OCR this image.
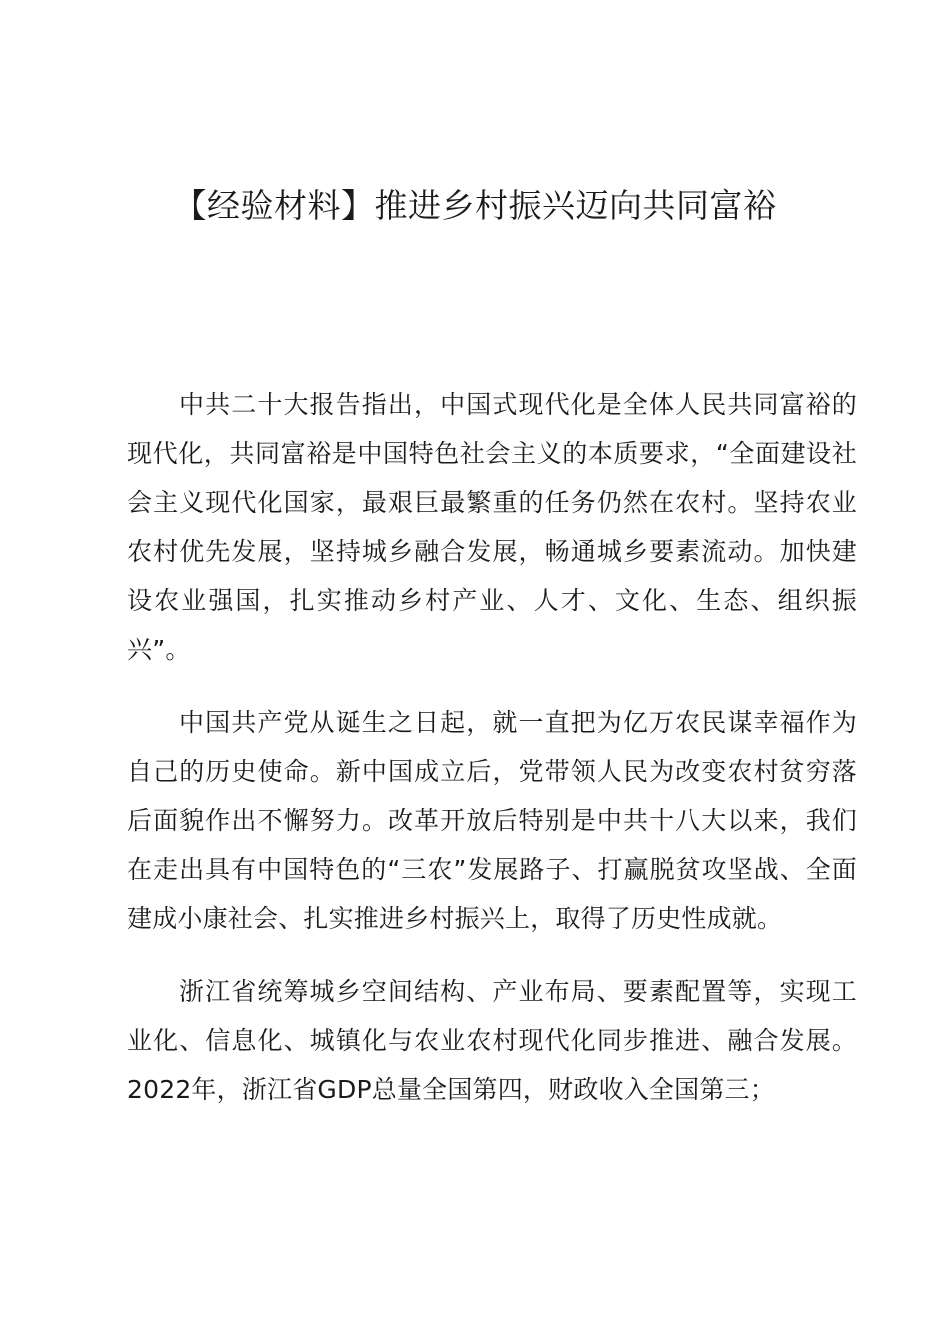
【经验材料】推进乡村振兴迈向共同富裕

中共二十大报告指出，中国式现代化是全体人民共同富裕的现代化，共同富裕是中国特色社会主义的本质要求，“全面建设社会主义现代化国家，最艰巨最繁重的任务仍然在农村。坚持农业农村优先发展，坚持城乡融合发展，畅通城乡要素流动。加快建设农业强国，扎实推动乡村产业、人才、文化、生态、组织振兴”。

中国共产党从诞生之日起，就一直把为亿万农民谋幸福作为自己的历史使命。新中国成立后，党带领人民为改变农村贫穷落后面貌作出不懈努力。改革开放后特别是中共十八大以来，我们在走出具有中国特色的“三农”发展路子、打赢脱贫攻坚战、全面建成小康社会、扎实推进乡村振兴上，取得了历史性成就。

浙江省统筹城乡空间结构、产业布局、要素配置等，实现工业化、信息化、城镇化与农业农村现代化同步推进、融合发展。2022年，浙江省GDP总量全国第四，财政收入全国第三；
